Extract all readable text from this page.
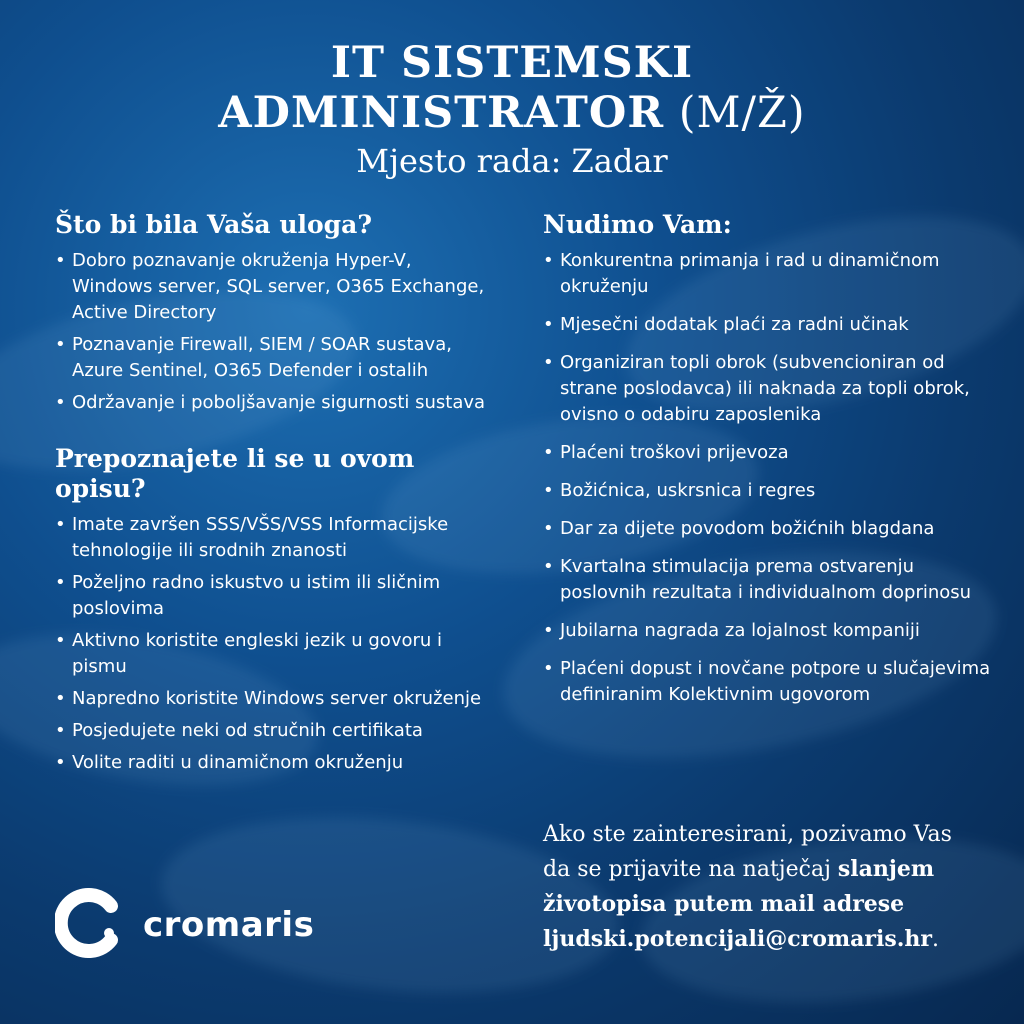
IT SISTEMSKI
ADMINISTRATOR (M/Ž)
Mjesto rada: Zadar
Što bi bila Vaša uloga?
• Dobro poznavanje okruženja Hyper-V, Windows server, SQL server, O365 Exchange, Active Directory
• Poznavanje Firewall, SIEM / SOAR sustava, Azure Sentinel, O365 Defender i ostalih
• Održavanje i poboljšavanje sigurnosti sustava
Prepoznajete li se u ovom opisu?
• Imate završen SSS/VŠS/VSS Informacijske tehnologije ili srodnih znanosti
• Poželjno radno iskustvo u istim ili sličnim poslovima
• Aktivno koristite engleski jezik u govoru i pismu
• Napredno koristite Windows server okruženje
• Posjedujete neki od stručnih certifikata
• Volite raditi u dinamičnom okruženju
Nudimo Vam:
• Konkurentna primanja i rad u dinamičnom okruženju
• Mjesečni dodatak plaći za radni učinak
• Organiziran topli obrok (subvencioniran od strane poslodavca) ili naknada za topli obrok, ovisno o odabiru zaposlenika
• Plaćeni troškovi prijevoza
• Božićnica, uskrsnica i regres
• Dar za dijete povodom božićnih blagdana
• Kvartalna stimulacija prema ostvarenju poslovnih rezultata i individualnom doprinosu
• Jubilarna nagrada za lojalnost kompaniji
• Plaćeni dopust i novčane potpore u slučajevima definiranim Kolektivnim ugovorom
Ako ste zainteresirani, pozivamo Vas da se prijavite na natječaj slanjem životopisa putem mail adrese ljudski.potencijali@cromaris.hr.
cromaris
